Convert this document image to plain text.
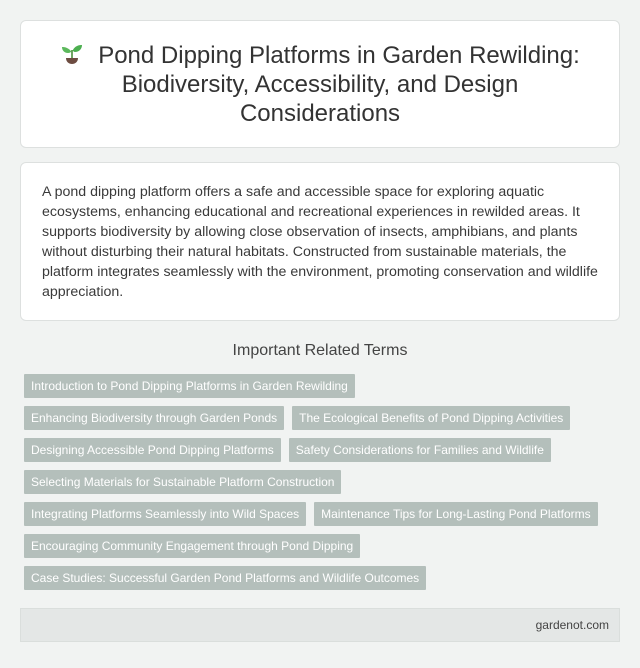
Pond Dipping Platforms in Garden Rewilding: Biodiversity, Accessibility, and Design Considerations

A pond dipping platform offers a safe and accessible space for exploring aquatic ecosystems, enhancing educational and recreational experiences in rewilded areas. It supports biodiversity by allowing close observation of insects, amphibians, and plants without disturbing their natural habitats. Constructed from sustainable materials, the platform integrates seamlessly with the environment, promoting conservation and wildlife appreciation.

Important Related Terms
Introduction to Pond Dipping Platforms in Garden Rewilding
Enhancing Biodiversity through Garden Ponds	The Ecological Benefits of Pond Dipping Activities
Designing Accessible Pond Dipping Platforms	Safety Considerations for Families and Wildlife
Selecting Materials for Sustainable Platform Construction
Integrating Platforms Seamlessly into Wild Spaces	Maintenance Tips for Long-Lasting Pond Platforms
Encouraging Community Engagement through Pond Dipping
Case Studies: Successful Garden Pond Platforms and Wildlife Outcomes
gardenot.com
